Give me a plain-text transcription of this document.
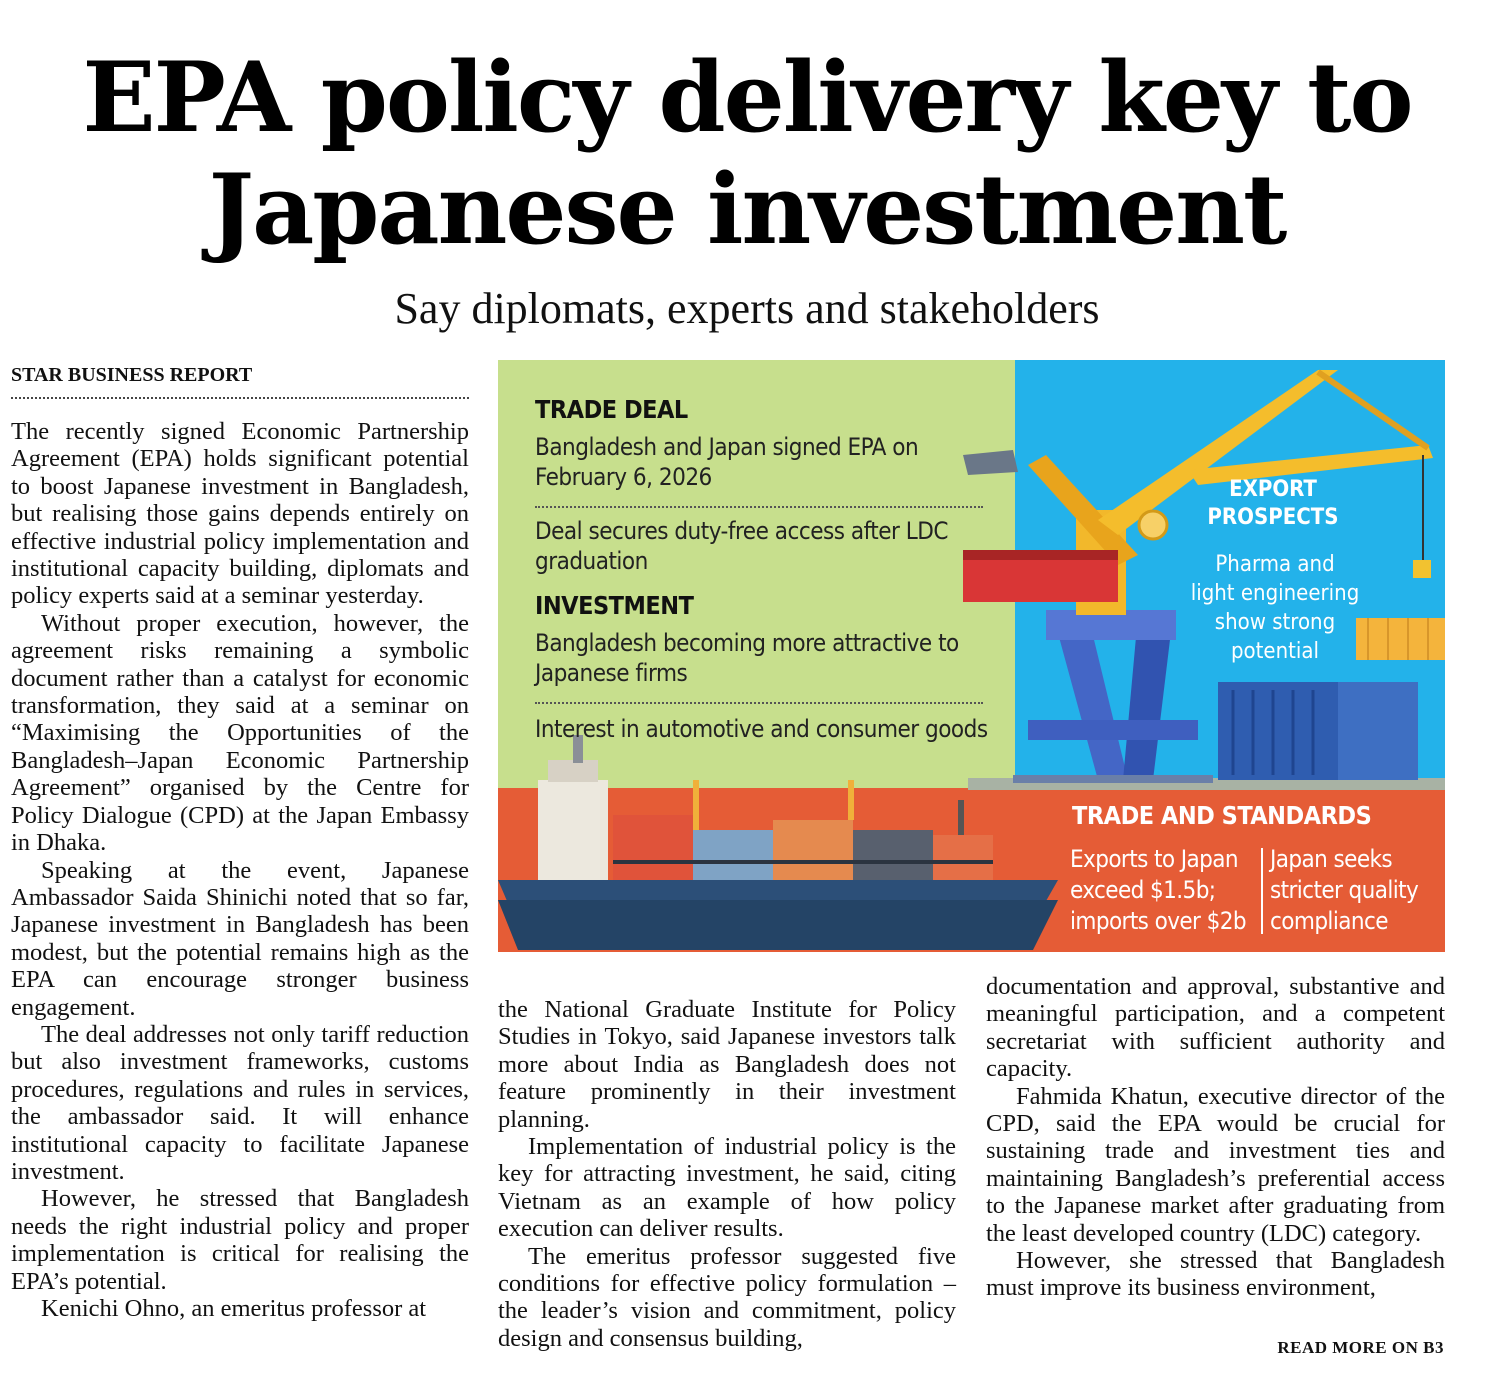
EPA policy delivery key to
Japanese investment
Say diplomats, experts and stakeholders
STAR BUSINESS REPORT

The recently signed Economic Partnership Agreement (EPA) holds significant potential to boost Japanese investment in Bangladesh, but realising those gains depends entirely on effective industrial policy implementation and institutional capacity building, diplomats and policy experts said at a seminar yesterday.

Without proper execution, however, the agreement risks remaining a symbolic document rather than a catalyst for economic transformation, they said at a seminar on “Maximising the Opportunities of the Bangladesh–Japan Economic Partnership Agreement” organised by the Centre for Policy Dialogue (CPD) at the Japan Embassy in Dhaka.

Speaking at the event, Japanese Ambassador Saida Shinichi noted that so far, Japanese investment in Bangladesh has been modest, but the potential remains high as the EPA can encourage stronger business engagement.

The deal addresses not only tariff reduction but also investment frameworks, customs procedures, regulations and rules in services, the ambassador said. It will enhance institutional capacity to facilitate Japanese investment.

However, he stressed that Bangladesh needs the right industrial policy and proper implementation is critical for realising the EPA’s potential.

Kenichi Ohno, an emeritus professor at

the National Graduate Institute for Policy Studies in Tokyo, said Japanese investors talk more about India as Bangladesh does not feature prominently in their investment planning.

Implementation of industrial policy is the key for attracting investment, he said, citing Vietnam as an example of how policy execution can deliver results.

The emeritus professor suggested five conditions for effective policy formulation – the leader’s vision and commitment, policy design and consensus building,

documentation and approval, substantive and meaningful participation, and a competent secretariat with sufficient authority and capacity.

Fahmida Khatun, executive director of the CPD, said the EPA would be crucial for sustaining trade and investment ties and maintaining Bangladesh’s preferential access to the Japanese market after graduating from the least developed country (LDC) category.

However, she stressed that Bangladesh must improve its business environment,

READ MORE ON B3
TRADE DEAL
Bangladesh and Japan signed EPA on
February 6, 2026
Deal secures duty-free access after LDC
graduation
INVESTMENT
Bangladesh becoming more attractive to
Japanese firms
Interest in automotive and consumer goods
EXPORT
PROSPECTS
Pharma and
light engineering
show strong
potential
TRADE AND STANDARDS
Exports to Japan
exceed $1.5b;
imports over $2b
Japan seeks
stricter quality
compliance
